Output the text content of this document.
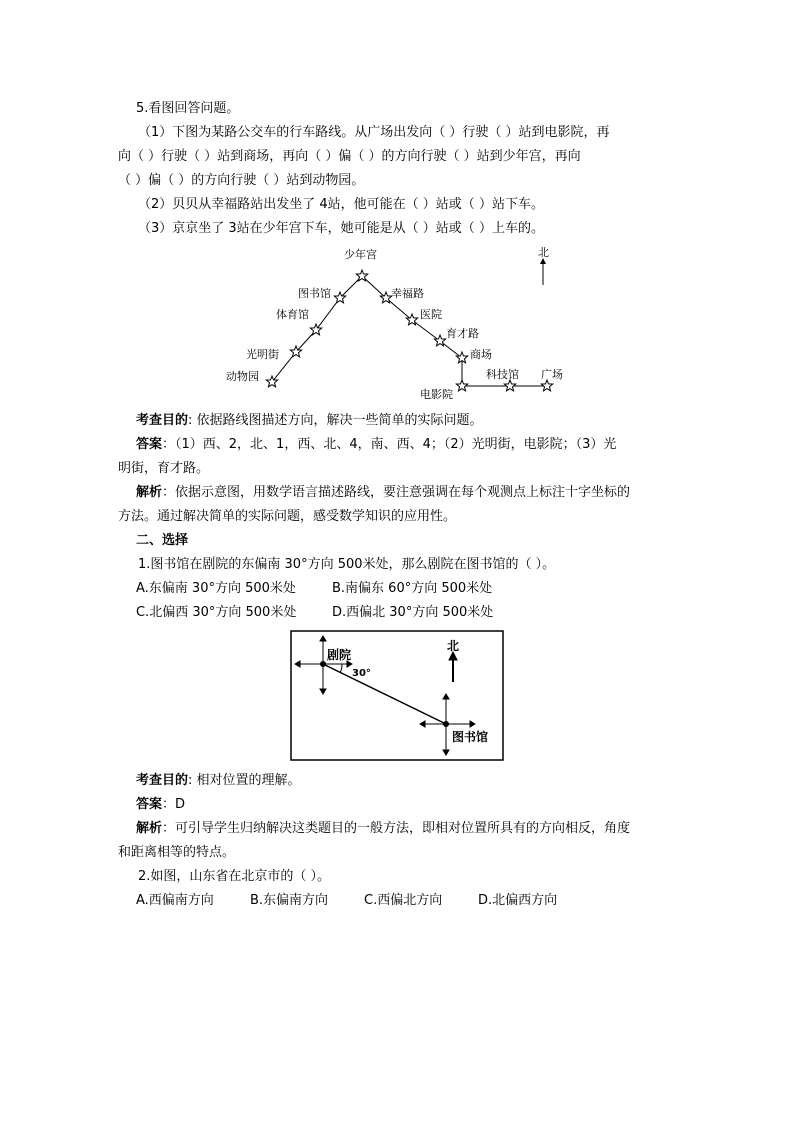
5.看图回答问题。
（1）下图为某路公交车的行车路线。从广场出发向（ ）行驶（ ）站到电影院，再
向（ ）行驶（ ）站到商场，再向（ ）偏（ ）的方向行驶（ ）站到少年宫，再向
（ ）偏（ ）的方向行驶（ ）站到动物园。
（2）贝贝从幸福路站出发坐了 4站，他可能在（ ）站或（ ）站下车。
（3）京京坐了 3站在少年宫下车，她可能是从（ ）站或（ ）上车的。
北
少年宫
图书馆	幸福路
体育馆	医院
育才路
光明街	商场
动物园	科技馆 广场
电影院
考查目的: 依据路线图描述方向，解决一些简单的实际问题。
答案：（1）西、2，北、1，西、北、4，南、西、4；（2）光明街，电影院；（3）光
明街，育才路。
解析：依据示意图，用数学语言描述路线，要注意强调在每个观测点上标注十字坐标的
方法。通过解决简单的实际问题，感受数学知识的应用性。
二、选择
1.图书馆在剧院的东偏南 30°方向 500米处，那么剧院在图书馆的（ ）。
A.东偏南 30°方向 500米处	B.南偏东 60°方向 500米处
C.北偏西 30°方向 500米处	D.西偏北 30°方向 500米处
剧院
30°
北
图书馆
考查目的: 相对位置的理解。
答案：D
解析：可引导学生归纳解决这类题目的一般方法，即相对位置所具有的方向相反，角度
和距离相等的特点。
2.如图，山东省在北京市的（ ）。
A.西偏南方向	B.东偏南方向	C.西偏北方向	D.北偏西方向
